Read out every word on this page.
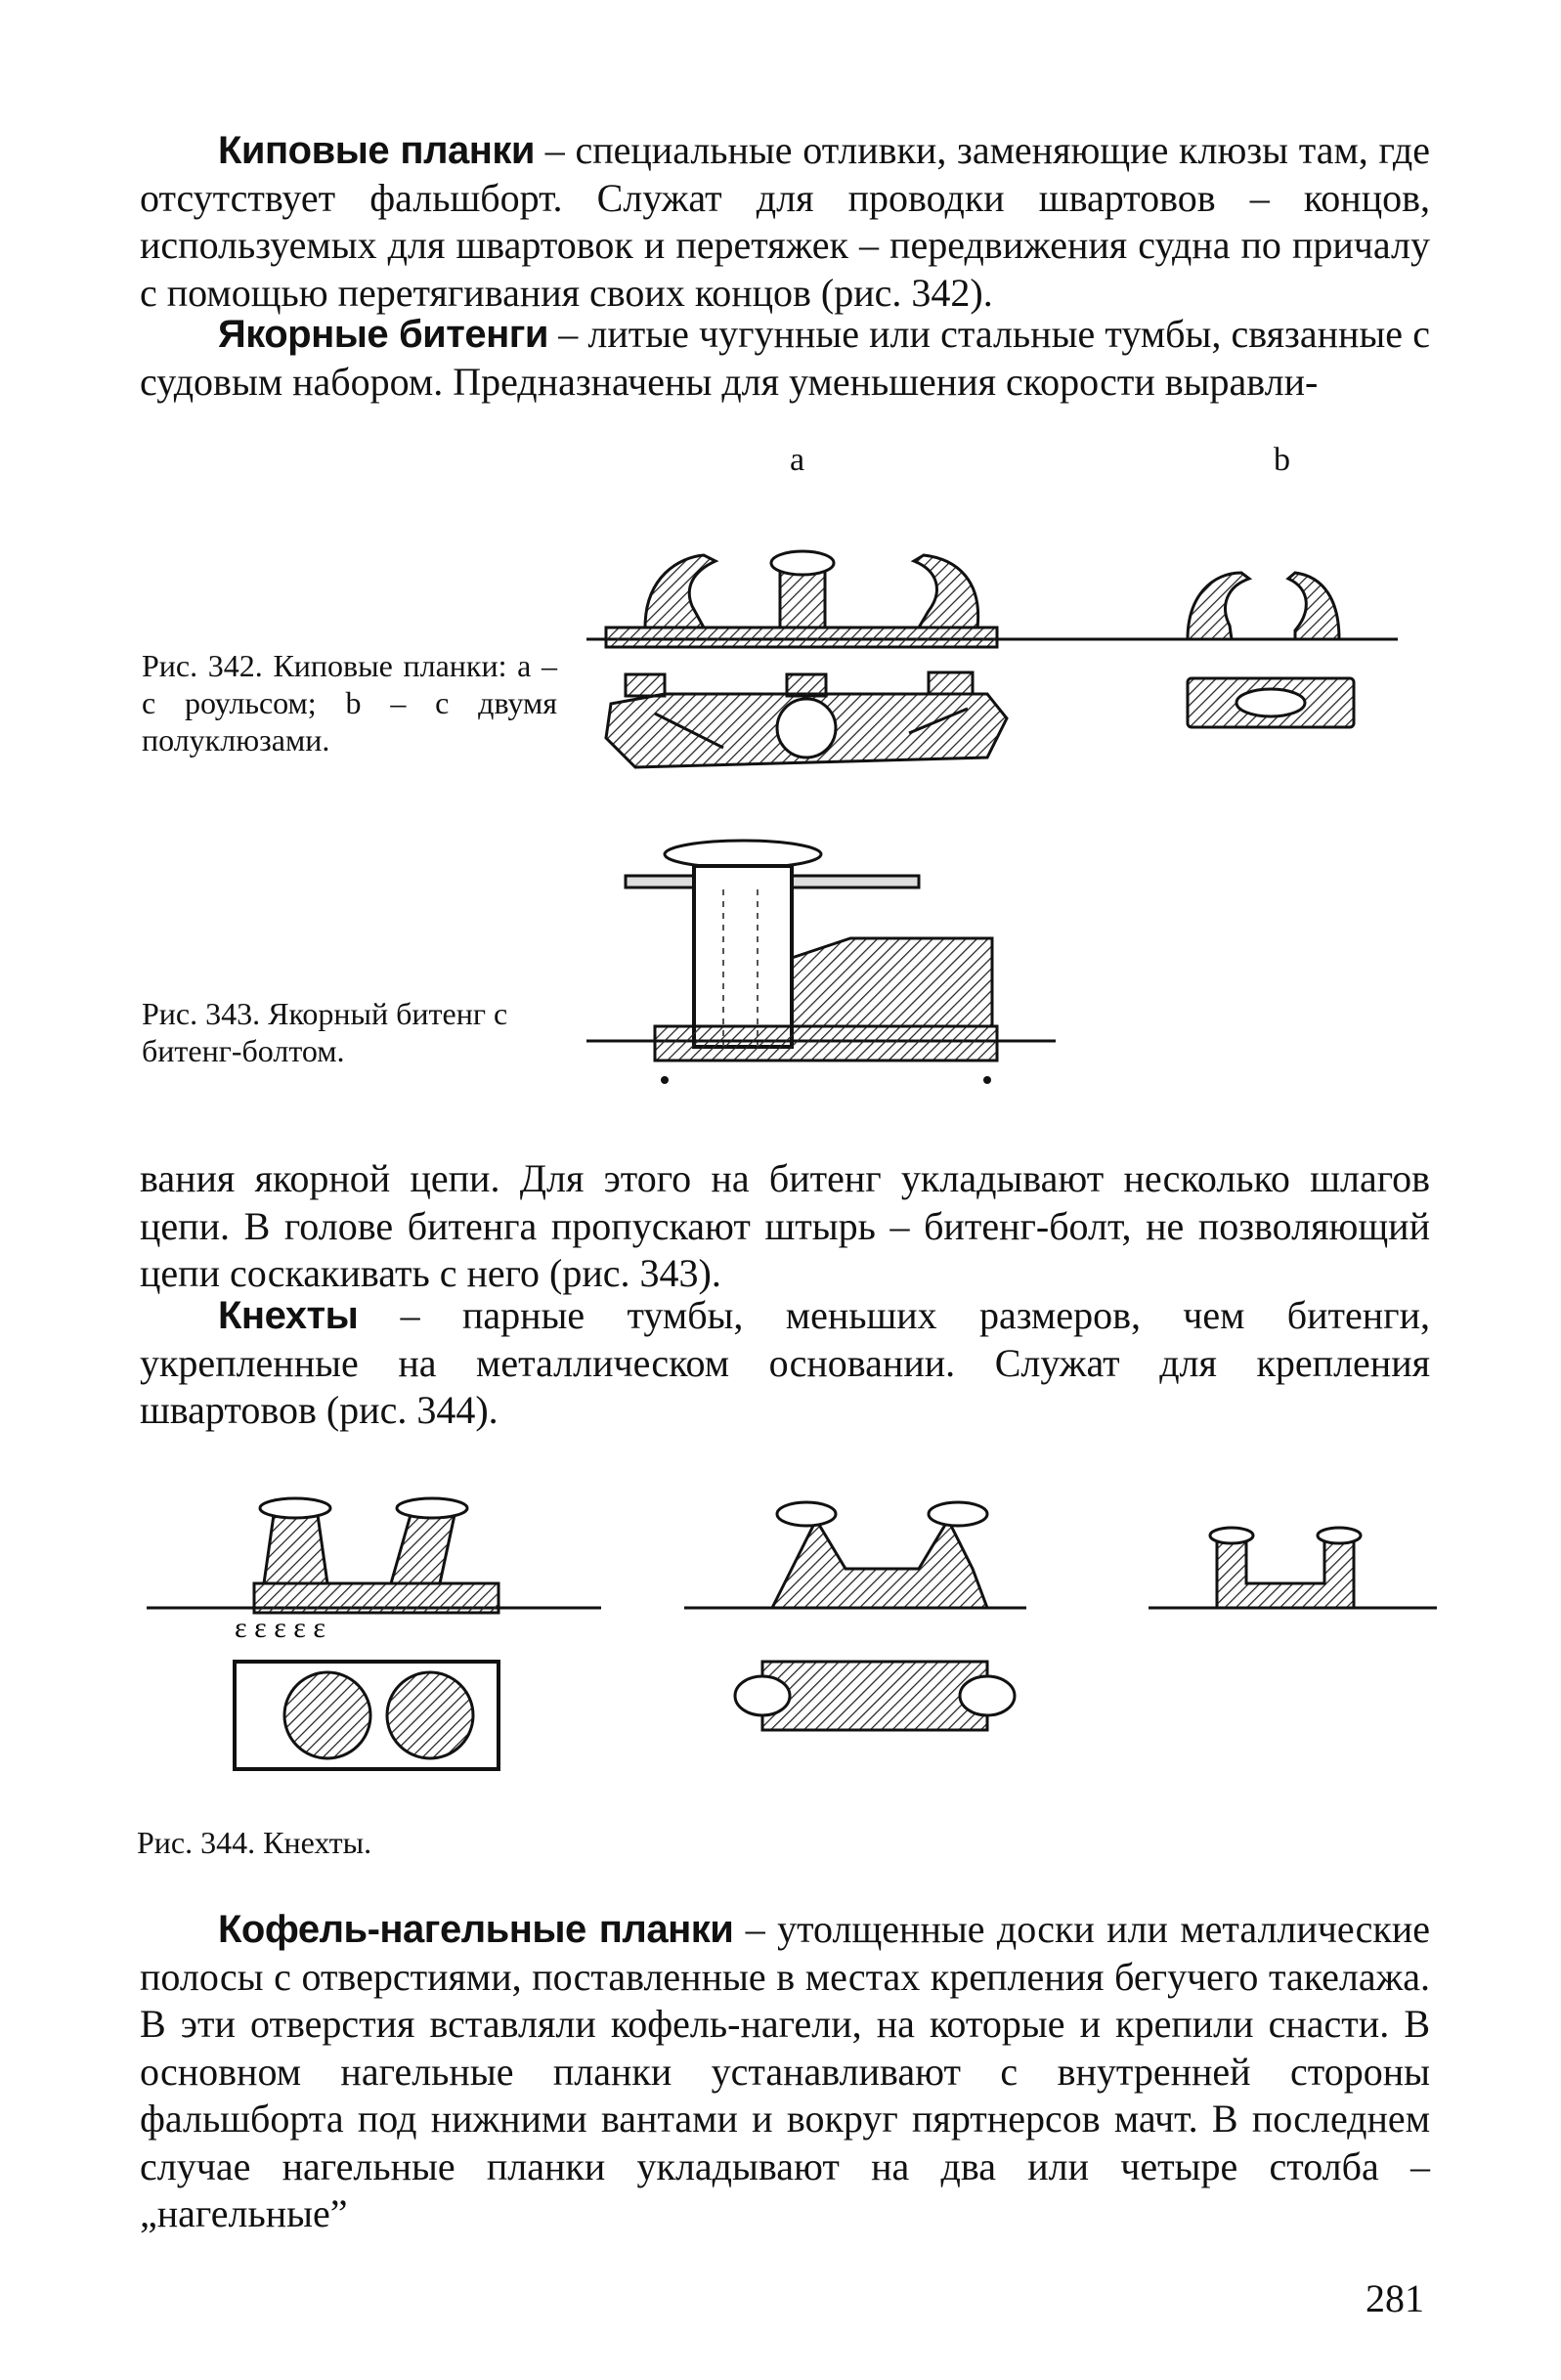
Киповые планки – специальные отливки, заменяющие клюзы там, где отсутствует фальшборт. Служат для проводки швартовов – концов, используемых для швартовок и перетяжек – передвижения судна по причалу с помощью перетягивания своих концов (рис. 342).
Якорные битенги – литые чугунные или стальные тумбы, связанные с судовым набором. Предназначены для уменьшения скорости выравли-
a	b
Рис. 342. Киповые планки: а – с роульсом; b – с двумя полуклюзами.
Рис. 343. Якорный битенг с битенг-болтом.
вания якорной цепи. Для этого на битенг укладывают несколько шлагов цепи. В голове битенга пропускают штырь – битенг-болт, не позволяющий цепи соскакивать с него (рис. 343).
Кнехты – парные тумбы, меньших размеров, чем битенги, укрепленные на металлическом основании. Служат для крепления швартовов (рис. 344).
ɛ ɛ ɛ ɛ ɛ
Рис. 344. Кнехты.
Кофель-нагельные планки – утолщенные доски или металлические полосы с отверстиями, поставленные в местах крепления бегучего такелажа. В эти отверстия вставляли кофель-нагели, на которые и крепили снасти. В основном нагельные планки устанавливают с внутренней стороны фальшборта под нижними вантами и вокруг пяртнерсов мачт. В последнем случае нагельные планки укладывают на два или четыре столба – „нагельные”
281
